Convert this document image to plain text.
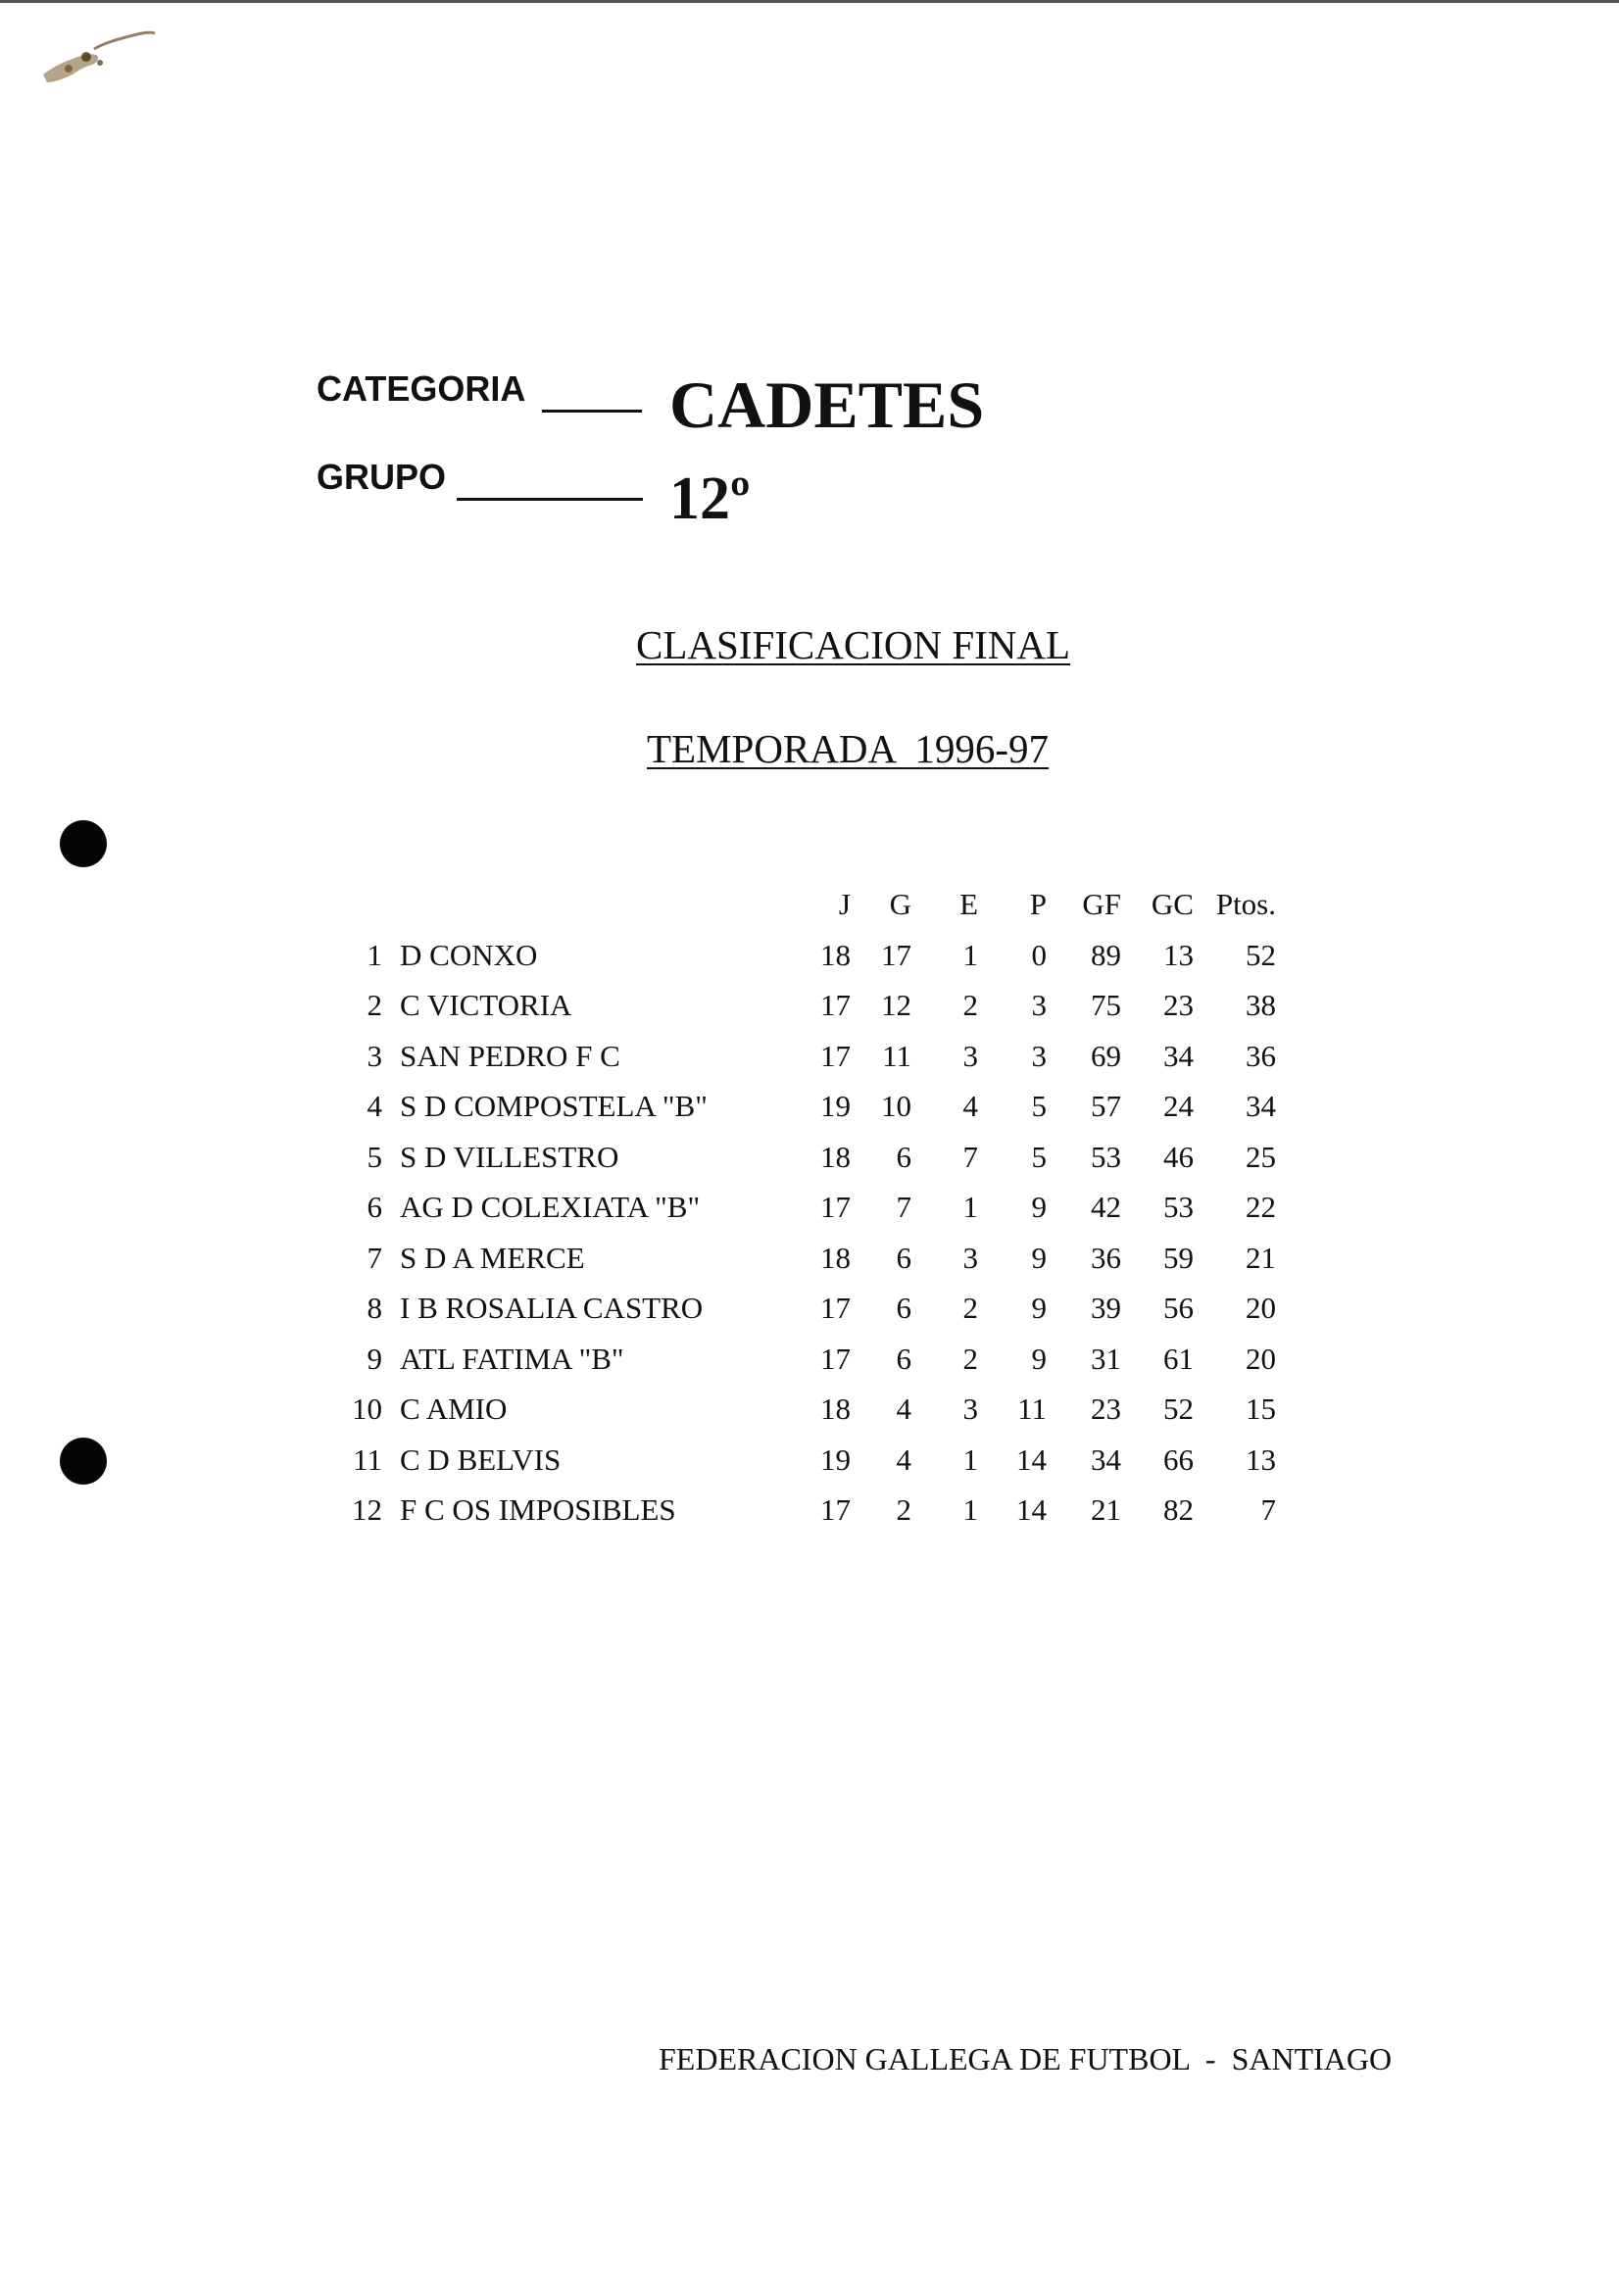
CATEGORIA CADETES
GRUPO	12º
CLASIFICACION FINAL
TEMPORADA  1996-97
J	G	E	P	GF GC Ptos.
1 D CONXO	18	17	1	0	89	13	52
2 C VICTORIA	17	12	2	3	75	23	38
3 SAN PEDRO F C	17	11	3	3	69	34	36
4 S D COMPOSTELA "B"	19	10	4	5	57	24	34
5 S D VILLESTRO	18	6	7	5	53	46	25
6 AG D COLEXIATA "B"	17	7	1	9	42	53	22
7 S D A MERCE	18	6	3	9	36	59	21
8 I B ROSALIA CASTRO	17	6	2	9	39	56	20
9 ATL FATIMA "B"	17	6	2	9	31	61	20
10 C AMIO	18	4	3	11	23	52	15
11 C D BELVIS	19	4	1	14	34	66	13
12 F C OS IMPOSIBLES	17	2	1	14	21	82	7
FEDERACION GALLEGA DE FUTBOL  -  SANTIAGO
